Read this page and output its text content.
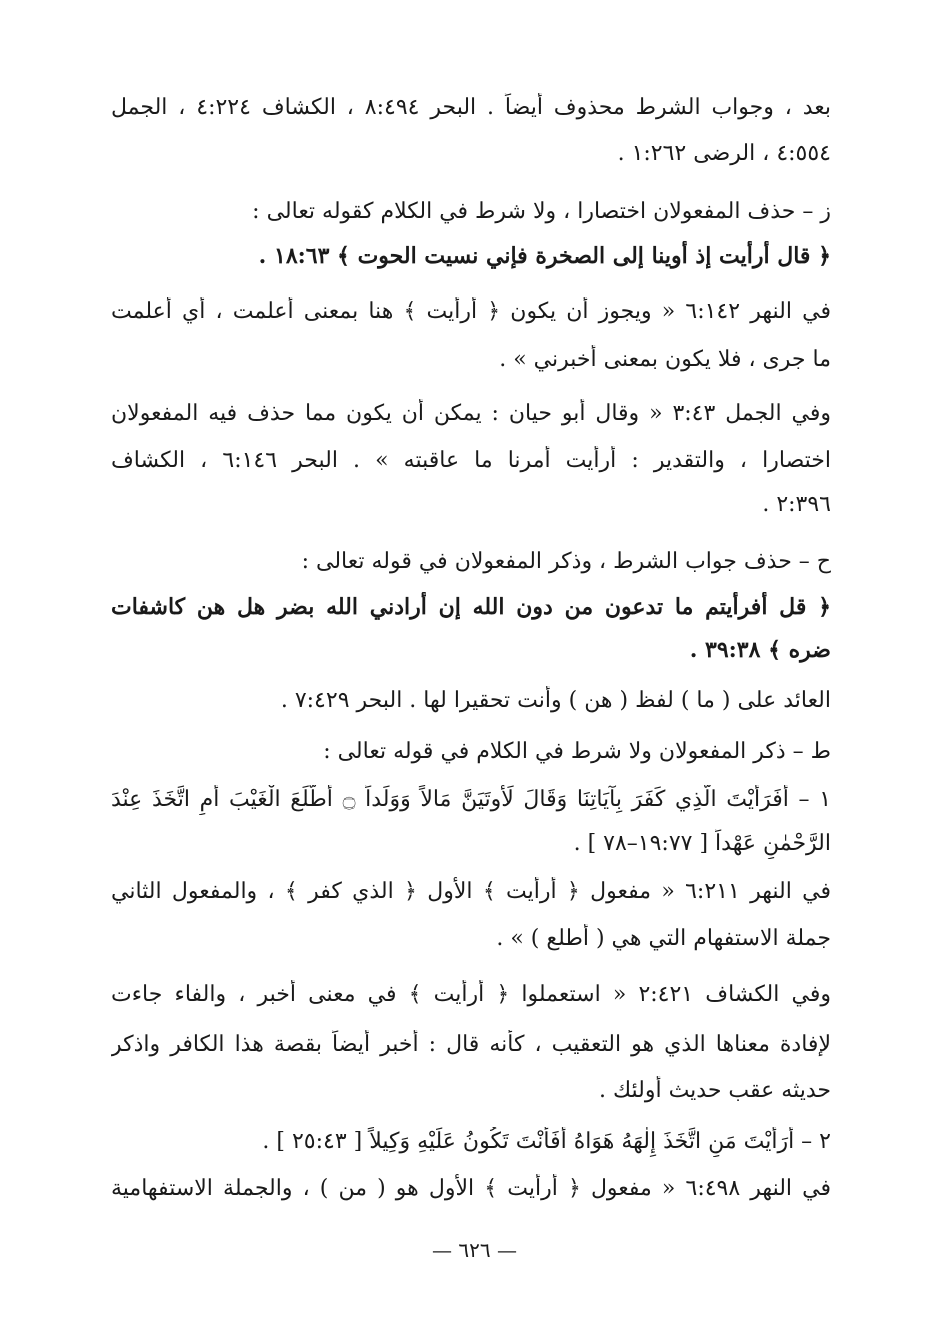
بعد ، وجواب الشرط محذوف أيضاً . البحر ٨:٤٩٤ ، الكشاف ٤:٢٢٤ ، الجمل
٤:٥٥٤ ، الرضى ١:٢٦٢ .
ز – حذف المفعولان اختصارا ، ولا شرط في الكلام كقوله تعالى :
﴿ قال أرأيت إذ أوينا إلى الصخرة فإني نسيت الحوت ﴾ ١٨:٦٣ .
في النهر ٦:١٤٢ « ويجوز أن يكون ﴿ أرأيت ﴾ هنا بمعنى أعلمت ، أي أعلمت
ما جرى ، فلا يكون بمعنى أخبرني » .
وفي الجمل ٣:٤٣ « وقال أبو حيان : يمكن أن يكون مما حذف فيه المفعولان
اختصارا ، والتقدير : أرأيت أمرنا ما عاقبته » . البحر ٦:١٤٦ ، الكشاف
٢:٣٩٦ .
ح – حذف جواب الشرط ، وذكر المفعولان في قوله تعالى :
﴿ قل أفرأيتم ما تدعون من دون الله إن أرادني الله بضر هل هن كاشفات
ضره ﴾ ٣٩:٣٨ .
العائد على ( ما ) لفظ ( هن ) وأنت تحقيرا لها . البحر ٧:٤٢٩ .
ط – ذكر المفعولان ولا شرط في الكلام في قوله تعالى :
١ – أَفَرَأَيْتَ الَّذِي كَفَرَ بِآيَاتِنَا وَقَالَ لَأُوتَيَنَّ مَالاً وَوَلَداً ۝ أَطَّلَعَ الْغَيْبَ أَمِ اتَّخَذَ عِنْدَ
الرَّحْمٰنِ عَهْداً [ ١٩:٧٧–٧٨ ] .
في النهر ٦:٢١١ « مفعول ﴿ أرأيت ﴾ الأول ﴿ الذي كفر ﴾ ، والمفعول الثاني
جملة الاستفهام التي هي ( أطلع ) » .
وفي الكشاف ٢:٤٢١ « استعملوا ﴿ أرأيت ﴾ في معنى أخبر ، والفاء جاءت
لإفادة معناها الذي هو التعقيب ، كأنه قال : أخبر أيضاً بقصة هذا الكافر واذكر
حديثه عقب حديث أولئك .
٢ – أَرَأَيْتَ مَنِ اتَّخَذَ إِلٰهَهُ هَوَاهُ أَفَأَنْتَ تَكُونُ عَلَيْهِ وَكِيلاً [ ٢٥:٤٣ ] .
في النهر ٦:٤٩٨ « مفعول ﴿ أرأيت ﴾ الأول هو ( من ) ، والجملة الاستفهامية
— ٦٢٦ —
